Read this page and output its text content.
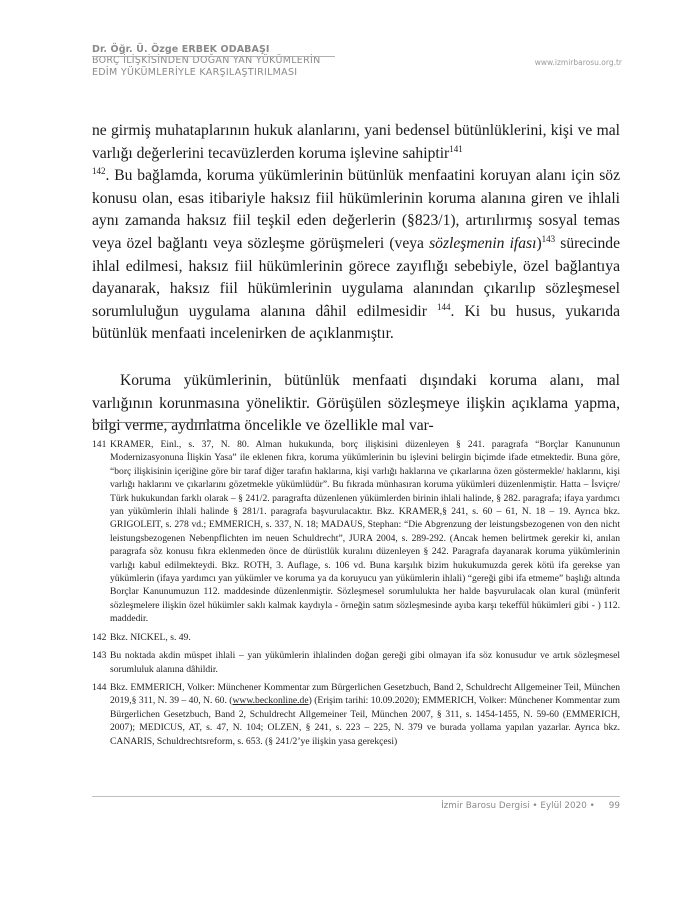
Dr. Öğr. Ü. Özge ERBEK ODABAŞI
BORÇ İLİŞKİSİNDEN DOĞAN YAN YÜKÜMLERİN
EDİM YÜKÜMLERİYLE KARŞILAŞTIRILMASI
www.izmirbarosu.org.tr

ne girmiş muhataplarının hukuk alanlarını, yani bedensel bütünlüklerini, kişi ve mal varlığı değerlerini tecavüzlerden koruma işlevine sahiptir$^{141}$
$^{142}$. Bu bağlamda, koruma yükümlerinin bütünlük menfaatini koruyan alanı için söz konusu olan, esas itibariyle haksız fiil hükümlerinin koruma alanına giren ve ihlali aynı zamanda haksız fiil teşkil eden değerlerin (§823/1), artırılırmış sosyal temas veya özel bağlantı veya sözleşme görüşmeleri (veya sözleşmenin ifası)$^{143}$ sürecinde ihlal edilmesi, haksız fiil hükümlerinin görece zayıflığı sebebiyle, özel bağlantıya dayanarak, haksız fiil hükümlerinin uygulama alanından çıkarılıp sözleşmesel sorumluluğun uygulama alanına dâhil edilmesidir $^{144}$. Ki bu husus, yukarıda bütünlük menfaati incelenirken de açıklanmıştır.

Koruma yükümlerinin, bütünlük menfaati dışındaki koruma alanı, mal varlığının korunmasına yöneliktir. Görüşülen sözleşmeye ilişkin açıklama yapma, bilgi verme, aydınlatma öncelikle ve özellikle mal var-

141 KRAMER, Einl., s. 37, N. 80. Alman hukukunda, borç ilişkisini düzenleyen § 241. paragrafa “Borçlar Kanununun Modernizasyonuna İlişkin Yasa” ile eklenen fıkra, koruma yükümlerinin bu işlevini belirgin biçimde ifade etmektedir. Buna göre, “borç ilişkisinin içeriğine göre bir taraf diğer tarafın haklarına, kişi varlığı haklarına ve çıkarlarına özen göstermekle/ haklarını, kişi varlığı haklarını ve çıkarlarını gözetmekle yükümlüdür”. Bu fıkrada münhasıran koruma yükümleri düzenlenmiştir. Hatta – İsviçre/ Türk hukukundan farklı olarak – § 241/2. paragrafta düzenlenen yükümlerden birinin ihlali halinde, § 282. paragrafa; ifaya yardımcı yan yükümlerin ihlali halinde § 281/1. paragrafa başvurulacaktır. Bkz. KRAMER,§ 241, s. 60 – 61, N. 18 – 19. Ayrıca bkz. GRIGOLEIT, s. 278 vd.; EMMERICH, s. 337, N. 18; MADAUS, Stephan: “Die Abgrenzung der leistungsbezogenen von den nicht leistungsbezogenen Nebenpflichten im neuen Schuldrecht”, JURA 2004, s. 289-292. (Ancak hemen belirtmek gerekir ki, anılan paragrafa söz konusu fıkra eklenmeden önce de dürüstlük kuralını düzenleyen § 242. Paragrafa dayanarak koruma yükümlerinin varlığı kabul edilmekteydi. Bkz. ROTH, 3. Auflage, s. 106 vd. Buna karşılık bizim hukukumuzda gerek kötü ifa gerekse yan yükümlerin (ifaya yardımcı yan yükümler ve koruma ya da koruyucu yan yükümlerin ihlali) “gereği gibi ifa etmeme” başlığı altında Borçlar Kanunumuzun 112. maddesinde düzenlenmiştir. Sözleşmesel sorumlulukta her halde başvurulacak olan kural (münferit sözleşmelere ilişkin özel hükümler saklı kalmak kaydıyla - örneğin satım sözleşmesinde ayıba karşı tekeffül hükümleri gibi - ) 112. maddedir.
142 Bkz. NICKEL, s. 49.
143 Bu noktada akdin müspet ihlali – yan yükümlerin ihlalinden doğan gereği gibi olmayan ifa söz konusudur ve artık sözleşmesel sorumluluk alanına dâhildir.
144 Bkz. EMMERICH, Volker: Münchener Kommentar zum Bürgerlichen Gesetzbuch, Band 2, Schuldrecht Allgemeiner Teil, München 2019,§ 311, N. 39 – 40, N. 60. (www.beckonline.de) (Erişim tarihi: 10.09.2020); EMMERICH, Volker: Münchener Kommentar zum Bürgerlichen Gesetzbuch, Band 2, Schuldrecht Allgemeiner Teil, München 2007, § 311, s. 1454-1455, N. 59-60 (EMMERICH, 2007); MEDICUS, AT, s. 47, N. 104; OLZEN, § 241, s. 223 – 225, N. 379 ve burada yollama yapılan yazarlar. Ayrıca bkz. CANARIS, Schuldrechtsreform, s. 653. (§ 241/2’ye ilişkin yasa gerekçesi)
İzmir Barosu Dergisi • Eylül 2020 • 99
